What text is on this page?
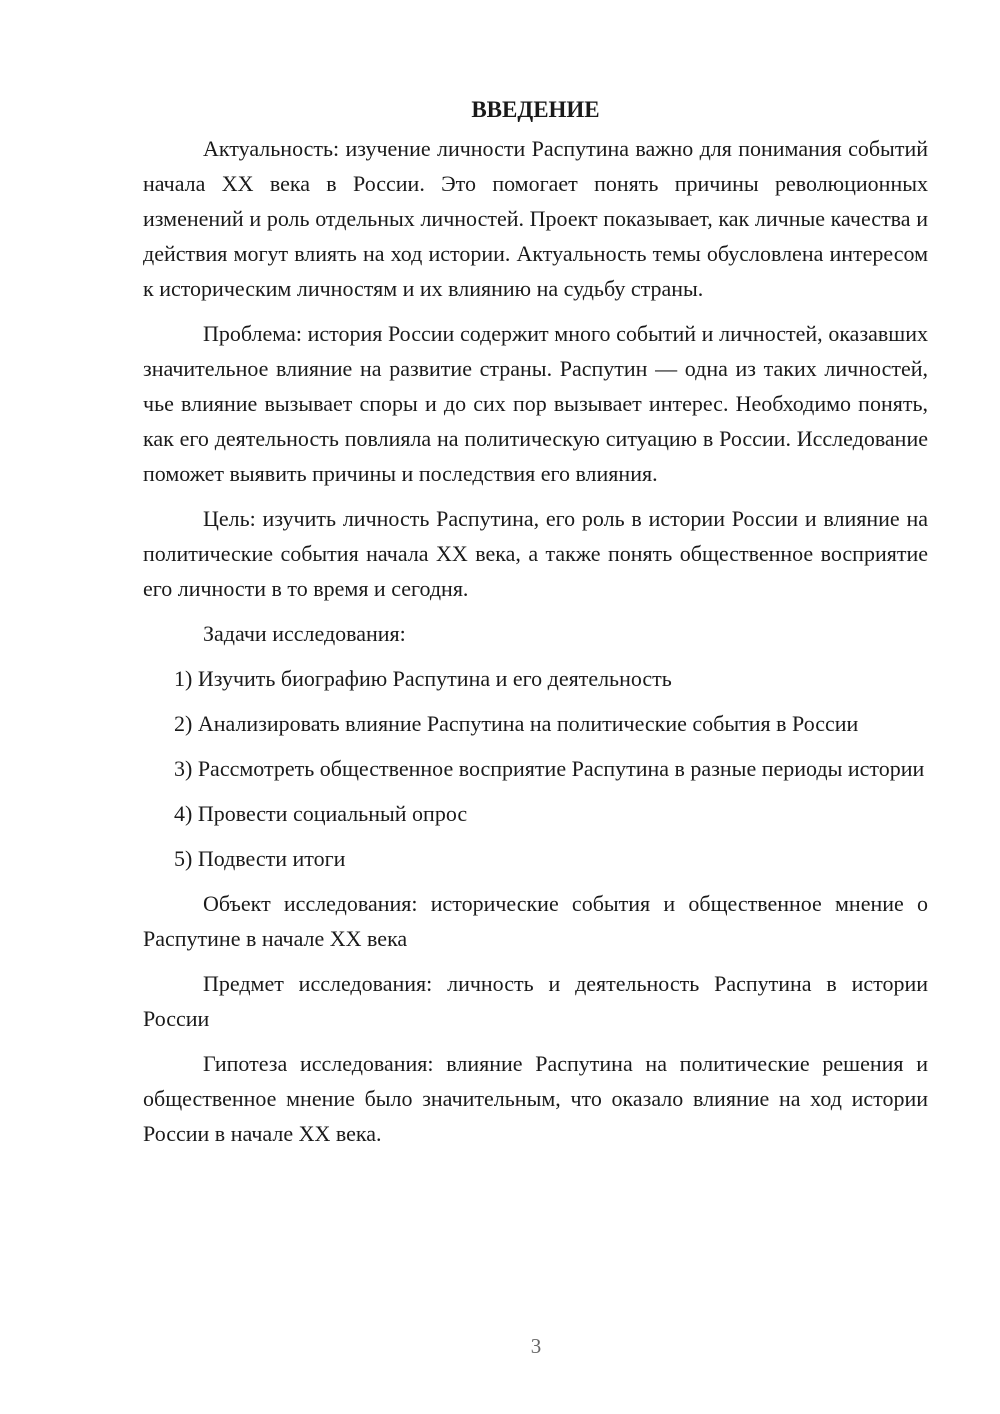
ВВЕДЕНИЕ

Актуальность: изучение личности Распутина важно для понимания событий начала XX века в России. Это помогает понять причины революционных изменений и роль отдельных личностей. Проект показывает, как личные качества и действия могут влиять на ход истории. Актуальность темы обусловлена интересом к историческим личностям и их влиянию на судьбу страны.

Проблема: история России содержит много событий и личностей, оказавших значительное влияние на развитие страны. Распутин — одна из таких личностей, чье влияние вызывает споры и до сих пор вызывает интерес. Необходимо понять, как его деятельность повлияла на политическую ситуацию в России. Исследование поможет выявить причины и последствия его влияния.

Цель: изучить личность Распутина, его роль в истории России и влияние на политические события начала XX века, а также понять общественное восприятие его личности в то время и сегодня.

Задачи исследования:

1) Изучить биографию Распутина и его деятельность

2) Анализировать влияние Распутина на политические события в России

3) Рассмотреть общественное восприятие Распутина в разные периоды истории

4) Провести социальный опрос

5) Подвести итоги

Объект исследования: исторические события и общественное мнение о Распутине в начале XX века

Предмет исследования: личность и деятельность Распутина в истории России

Гипотеза исследования: влияние Распутина на политические решения и общественное мнение было значительным, что оказало влияние на ход истории России в начале XX века.

3
